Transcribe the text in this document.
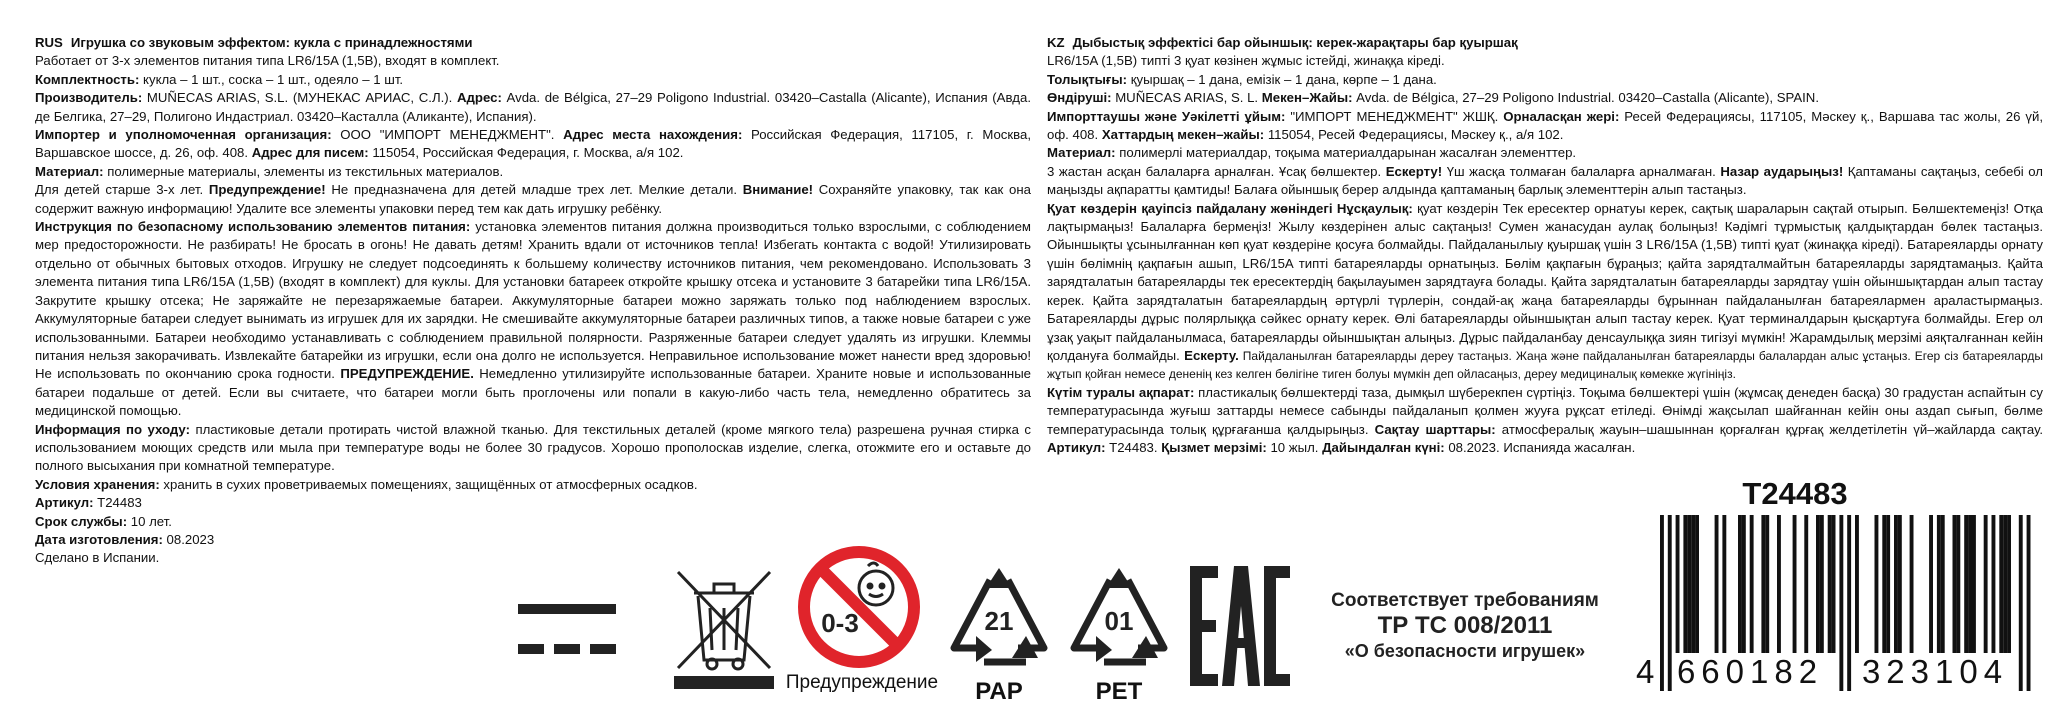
RUS Игрушка со звуковым эффектом: кукла с принадлежностями

Работает от 3-х элементов питания типа LR6/15A (1,5В), входят в комплект.

Комплектность: кукла – 1 шт., соска – 1 шт., одеяло – 1 шт.

Производитель: MUÑECAS ARIAS, S.L. (МУНЕКАС АРИАС, С.Л.). Адрес: Avda. de Bélgica, 27–29 Poligono Industrial. 03420–Castalla (Alicante), Испания (Авда. де Белгика, 27–29, Полигоно Индастриал. 03420–Касталла (Аликанте), Испания).

Импортер и уполномоченная организация: ООО "ИМПОРТ МЕНЕДЖМЕНТ". Адрес места нахождения: Российская Федерация, 117105, г. Москва, Варшавское шоссе, д. 26, оф. 408. Адрес для писем: 115054, Российская Федерация, г. Москва, а/я 102.

Материал: полимерные материалы, элементы из текстильных материалов.

Для детей старше 3-х лет. Предупреждение! Не предназначена для детей младше трех лет. Мелкие детали. Внимание! Сохраняйте упаковку, так как она содержит важную информацию! Удалите все элементы упаковки перед тем как дать игрушку ребёнку.

Инструкция по безопасному использованию элементов питания: установка элементов питания должна производиться только взрослыми, с соблюдением мер предосторожности. Не разбирать! Не бросать в огонь! Не давать детям! Хранить вдали от источников тепла! Избегать контакта с водой! Утилизировать отдельно от обычных бытовых отходов. Игрушку не следует подсоединять к большему количеству источников питания, чем рекомендовано. Использовать 3 элемента питания типа LR6/15A (1,5В) (входят в комплект) для куклы. Для установки батареек откройте крышку отсека и установите 3 батарейки типа LR6/15A. Закрутите крышку отсека; Не заряжайте не перезаряжаемые батареи. Аккумуляторные батареи можно заряжать только под наблюдением взрослых. Аккумуляторные батареи следует вынимать из игрушек для их зарядки. Не смешивайте аккумуляторные батареи различных типов, а также новые батареи с уже использованными. Батареи необходимо устанавливать с соблюдением правильной полярности. Разряженные батареи следует удалять из игрушки. Клеммы питания нельзя закорачивать. Извлекайте батарейки из игрушки, если она долго не используется. Неправильное использование может нанести вред здоровью! Не использовать по окончанию срока годности. ПРЕДУПРЕЖДЕНИЕ. Немедленно утилизируйте использованные батареи. Храните новые и использованные батареи подальше от детей. Если вы считаете, что батареи могли быть проглочены или попали в какую-либо часть тела, немедленно обратитесь за медицинской помощью.

Информация по уходу: пластиковые детали протирать чистой влажной тканью. Для текстильных деталей (кроме мягкого тела) разрешена ручная стирка с использованием моющих средств или мыла при температуре воды не более 30 градусов. Хорошо прополоскав изделие, слегка, отожмите его и оставьте до полного высыхания при комнатной температуре.

Условия хранения: хранить в сухих проветриваемых помещениях, защищённых от атмосферных осадков.

Артикул: T24483

Срок службы: 10 лет.

Дата изготовления: 08.2023

Сделано в Испании.

KZ Дыбыстық эффектісі бар ойыншық: керек-жарақтары бар қуыршақ

LR6/15A (1,5В) типті 3 қуат көзінен жұмыс істейді, жинаққа кіреді.

Толықтығы: қуыршақ – 1 дана, емізік – 1 дана, көрпе – 1 дана.

Өндіруші: MUÑECAS ARIAS, S. L. Мекен–Жайы: Avda. de Bélgica, 27–29 Poligono Industrial. 03420–Castalla (Alicante), SPAIN.

Импорттаушы және Уәкілетті ұйым: "ИМПОРТ МЕНЕДЖМЕНТ" ЖШҚ. Орналасқан жері: Ресей Федерациясы, 117105, Мәскеу қ., Варшава тас жолы, 26 үй, оф. 408. Хаттардың мекен–жайы: 115054, Ресей Федерациясы, Мәскеу қ., а/я 102.

Материал: полимерлі материалдар, тоқыма материалдарынан жасалған элементтер.

3 жастан асқан балаларға арналған. Ұсақ бөлшектер. Ескерту! Үш жасқа толмаған балаларға арналмаған. Назар аударыңыз! Қаптаманы сақтаңыз, себебі ол маңызды ақпаратты қамтиды! Балаға ойыншық берер алдында қаптаманың барлық элементтерін алып тастаңыз.

Қуат көздерін қауіпсіз пайдалану жөніндегі Нұсқаулық: қуат көздерін Тек ересектер орнатуы керек, сақтық шараларын сақтай отырып. Бөлшектемеңіз! Отқа лақтырмаңыз! Балаларға бермеңіз! Жылу көздерінен алыс сақтаңыз! Сумен жанасудан аулақ болыңыз! Кәдімгі тұрмыстық қалдықтардан бөлек тастаңыз. Ойыншықты ұсынылғаннан көп қуат көздеріне қосуға болмайды. Пайдаланылыу қуыршақ үшін 3 LR6/15A (1,5В) типті қуат (жинаққа кіреді). Батареяларды орнату үшін бөлімнің қақпағын ашып, LR6/15A типті батареяларды орнатыңыз. Бөлім қақпағын бұраңыз; қайта зарядталмайтын батареяларды зарядтамаңыз. Қайта зарядталатын батареяларды тек ересектердің бақылауымен зарядтауға болады. Қайта зарядталатын батареяларды зарядтау үшін ойыншықтардан алып тастау керек. Қайта зарядталатын батареялардың әртүрлі түрлерін, сондай-ақ жаңа батареяларды бұрыннан пайдаланылған батареялармен араластырмаңыз. Батареяларды дұрыс полярлыққа сәйкес орнату керек. Өлі батареяларды ойыншықтан алып тастау керек. Қуат терминалдарын қысқартуға болмайды. Егер ол ұзақ уақыт пайдаланылмаса, батареяларды ойыншықтан алыңыз. Дұрыс пайдаланбау денсаулыққа зиян тигізуі мүмкін! Жарамдылық мерзімі аяқталғаннан кейін қолдануға болмайды. Ескерту. Пайдаланылған батареяларды дереу тастаңыз. Жаңа және пайдаланылған батареяларды балалардан алыс ұстаңыз. Егер сіз батареяларды жұтып қойған немесе дененің кез келген бөлігіне тиген болуы мүмкін деп ойласаңыз, дереу медициналық көмекке жүгініңіз.

Күтім туралы ақпарат: пластикалық бөлшектерді таза, дымқыл шүберекпен сүртіңіз. Тоқыма бөлшектері үшін (жұмсақ денеден басқа) 30 градустан аспайтын су температурасында жуғыш заттарды немесе сабынды пайдаланып қолмен жууға рұқсат етіледі. Өнімді жақсылап шайғаннан кейін оны аздап сығып, бөлме температурасында толық құрғағанша қалдырыңыз. Сақтау шарттары: атмосфералық жауын–шашыннан қорғалған құрғақ желдетілетін үй–жайларда сақтау. Артикул: T24483. Қызмет мерзімі: 10 жыл. Дайындалған күні: 08.2023. Испанияда жасалған.

0-3
Предупреждение
21
PAP
01
PET
Соответствует требованиям
ТР ТС 008/2011
«О безопасности игрушек»
T24483
4 660182 323104
